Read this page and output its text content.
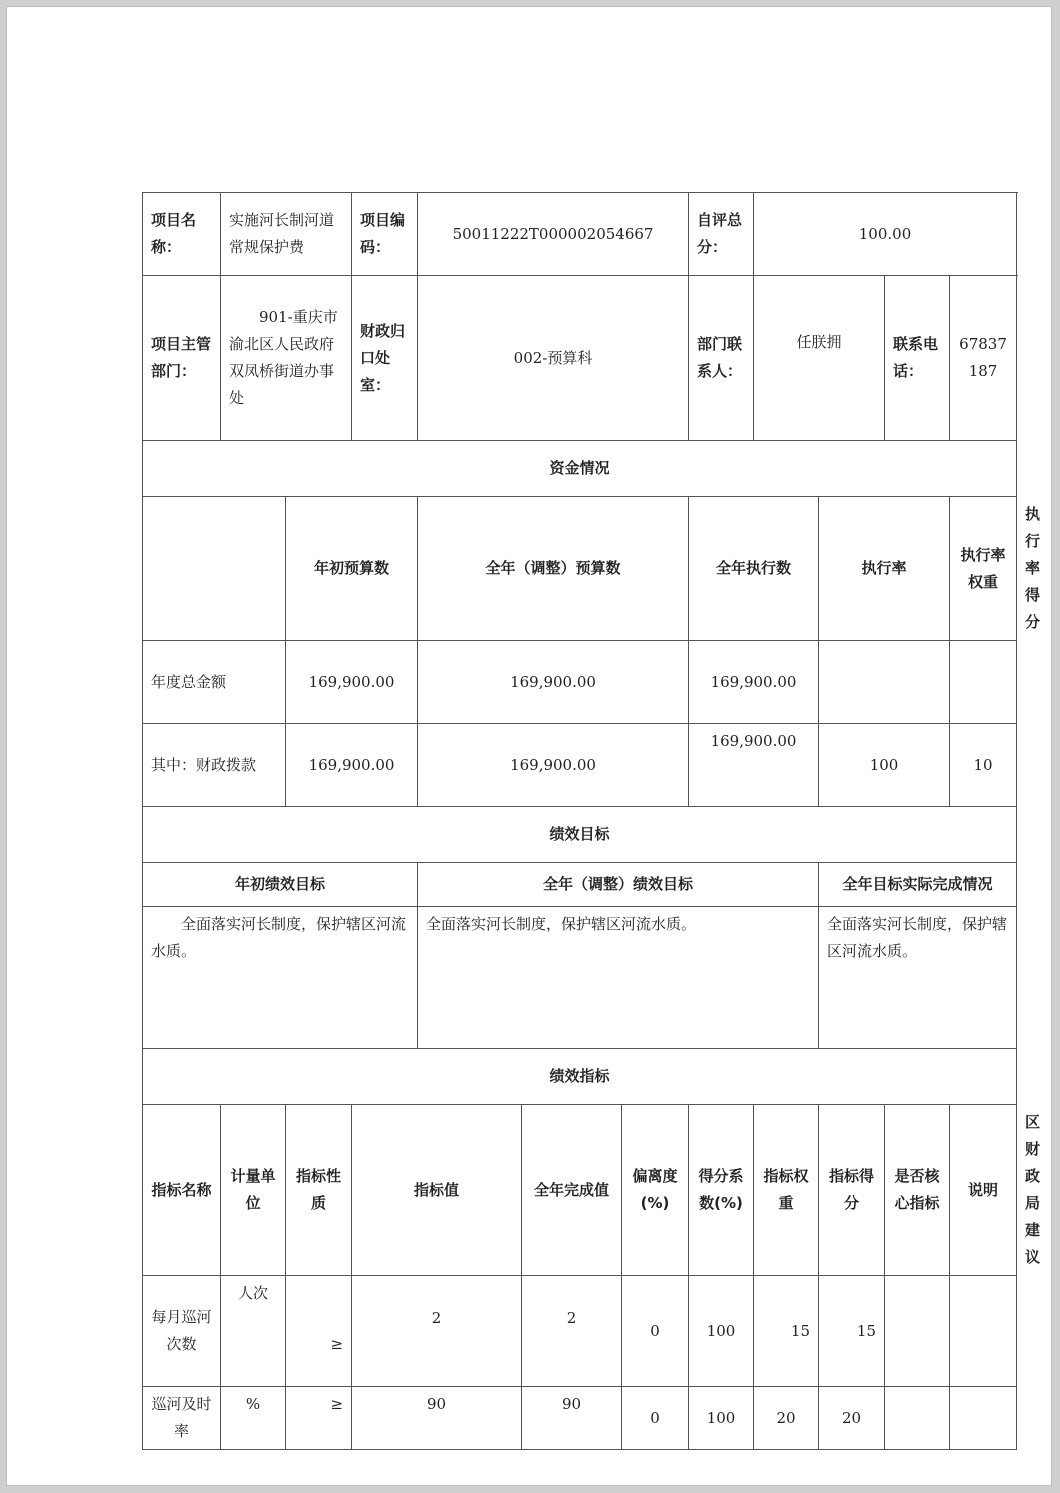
项目名称：	实施河长制河道常规保护费		项目编码：	50011222T000002054667			自评总分：	100.00				
项目主管部门：	901-重庆市渝北区人民政府双凤桥街道办事处		财政归口处室：	002-预算科			部门联系人：	任朕拥		联系电话：	67837187	
资金情况												
		年初预算数		全年（调整）预算数			全年执行数		执行率		执行率权重	执行率得分
年度总金额		169,900.00		169,900.00			169,900.00					
其中：财政拨款		169,900.00		169,900.00			169,900.00		100		10	
绩效目标												
年初绩效目标				全年（调整）绩效目标					全年目标实际完成情况			
全面落实河长制度，保护辖区河流水质。				全面落实河长制度，保护辖区河流水质。					全面落实河长制度，保护辖区河流水质。			
绩效指标												
指标名称	计量单位	指标性质	指标值		全年完成值	偏离度(%)	得分系数(%)	指标权重	指标得分	是否核心指标	说明	区财政局建议
每月巡河次数	人次	≥	2		2	0	100	15	15			
巡河及时率	%	≥	90		90	0	100	20	20			
